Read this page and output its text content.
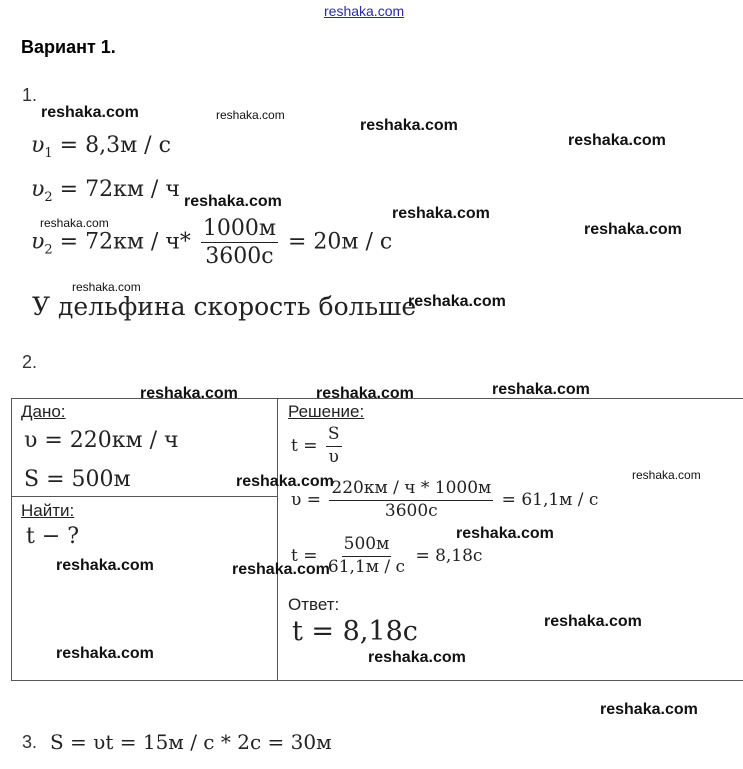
reshaka.com
Вариант 1.
1.
$\upsilon_1 = 8,3м / с$
$\upsilon_2 = 72км / ч$
$\upsilon_2 = 72км / ч* \frac{1000м}{3600с} = 20м / с$
У дельфина скорость больше
2.
Дано:
υ = 220км / ч
S = 500м
Найти:
t − ?
Решение:
$t = \frac{S}{\upsilon}$
$\upsilon = \frac{220км / ч * 1000м}{3600с} = 61,1м / с$
$t = \frac{500м}{61,1м / с} = 8,18с$
Ответ:
t = 8,18с
3. S = υt = 15м / с * 2с = 30м
reshaka.com	reshaka.com
reshaka.com
reshaka.com
reshaka.com
reshaka.com
reshaka.com	reshaka.com
reshaka.com
reshaka.com
reshaka.com	reshaka.com	reshaka.com
reshaka.com
reshaka.com
reshaka.com
reshaka.com	reshaka.com
reshaka.com
reshaka.com	reshaka.com
reshaka.com
